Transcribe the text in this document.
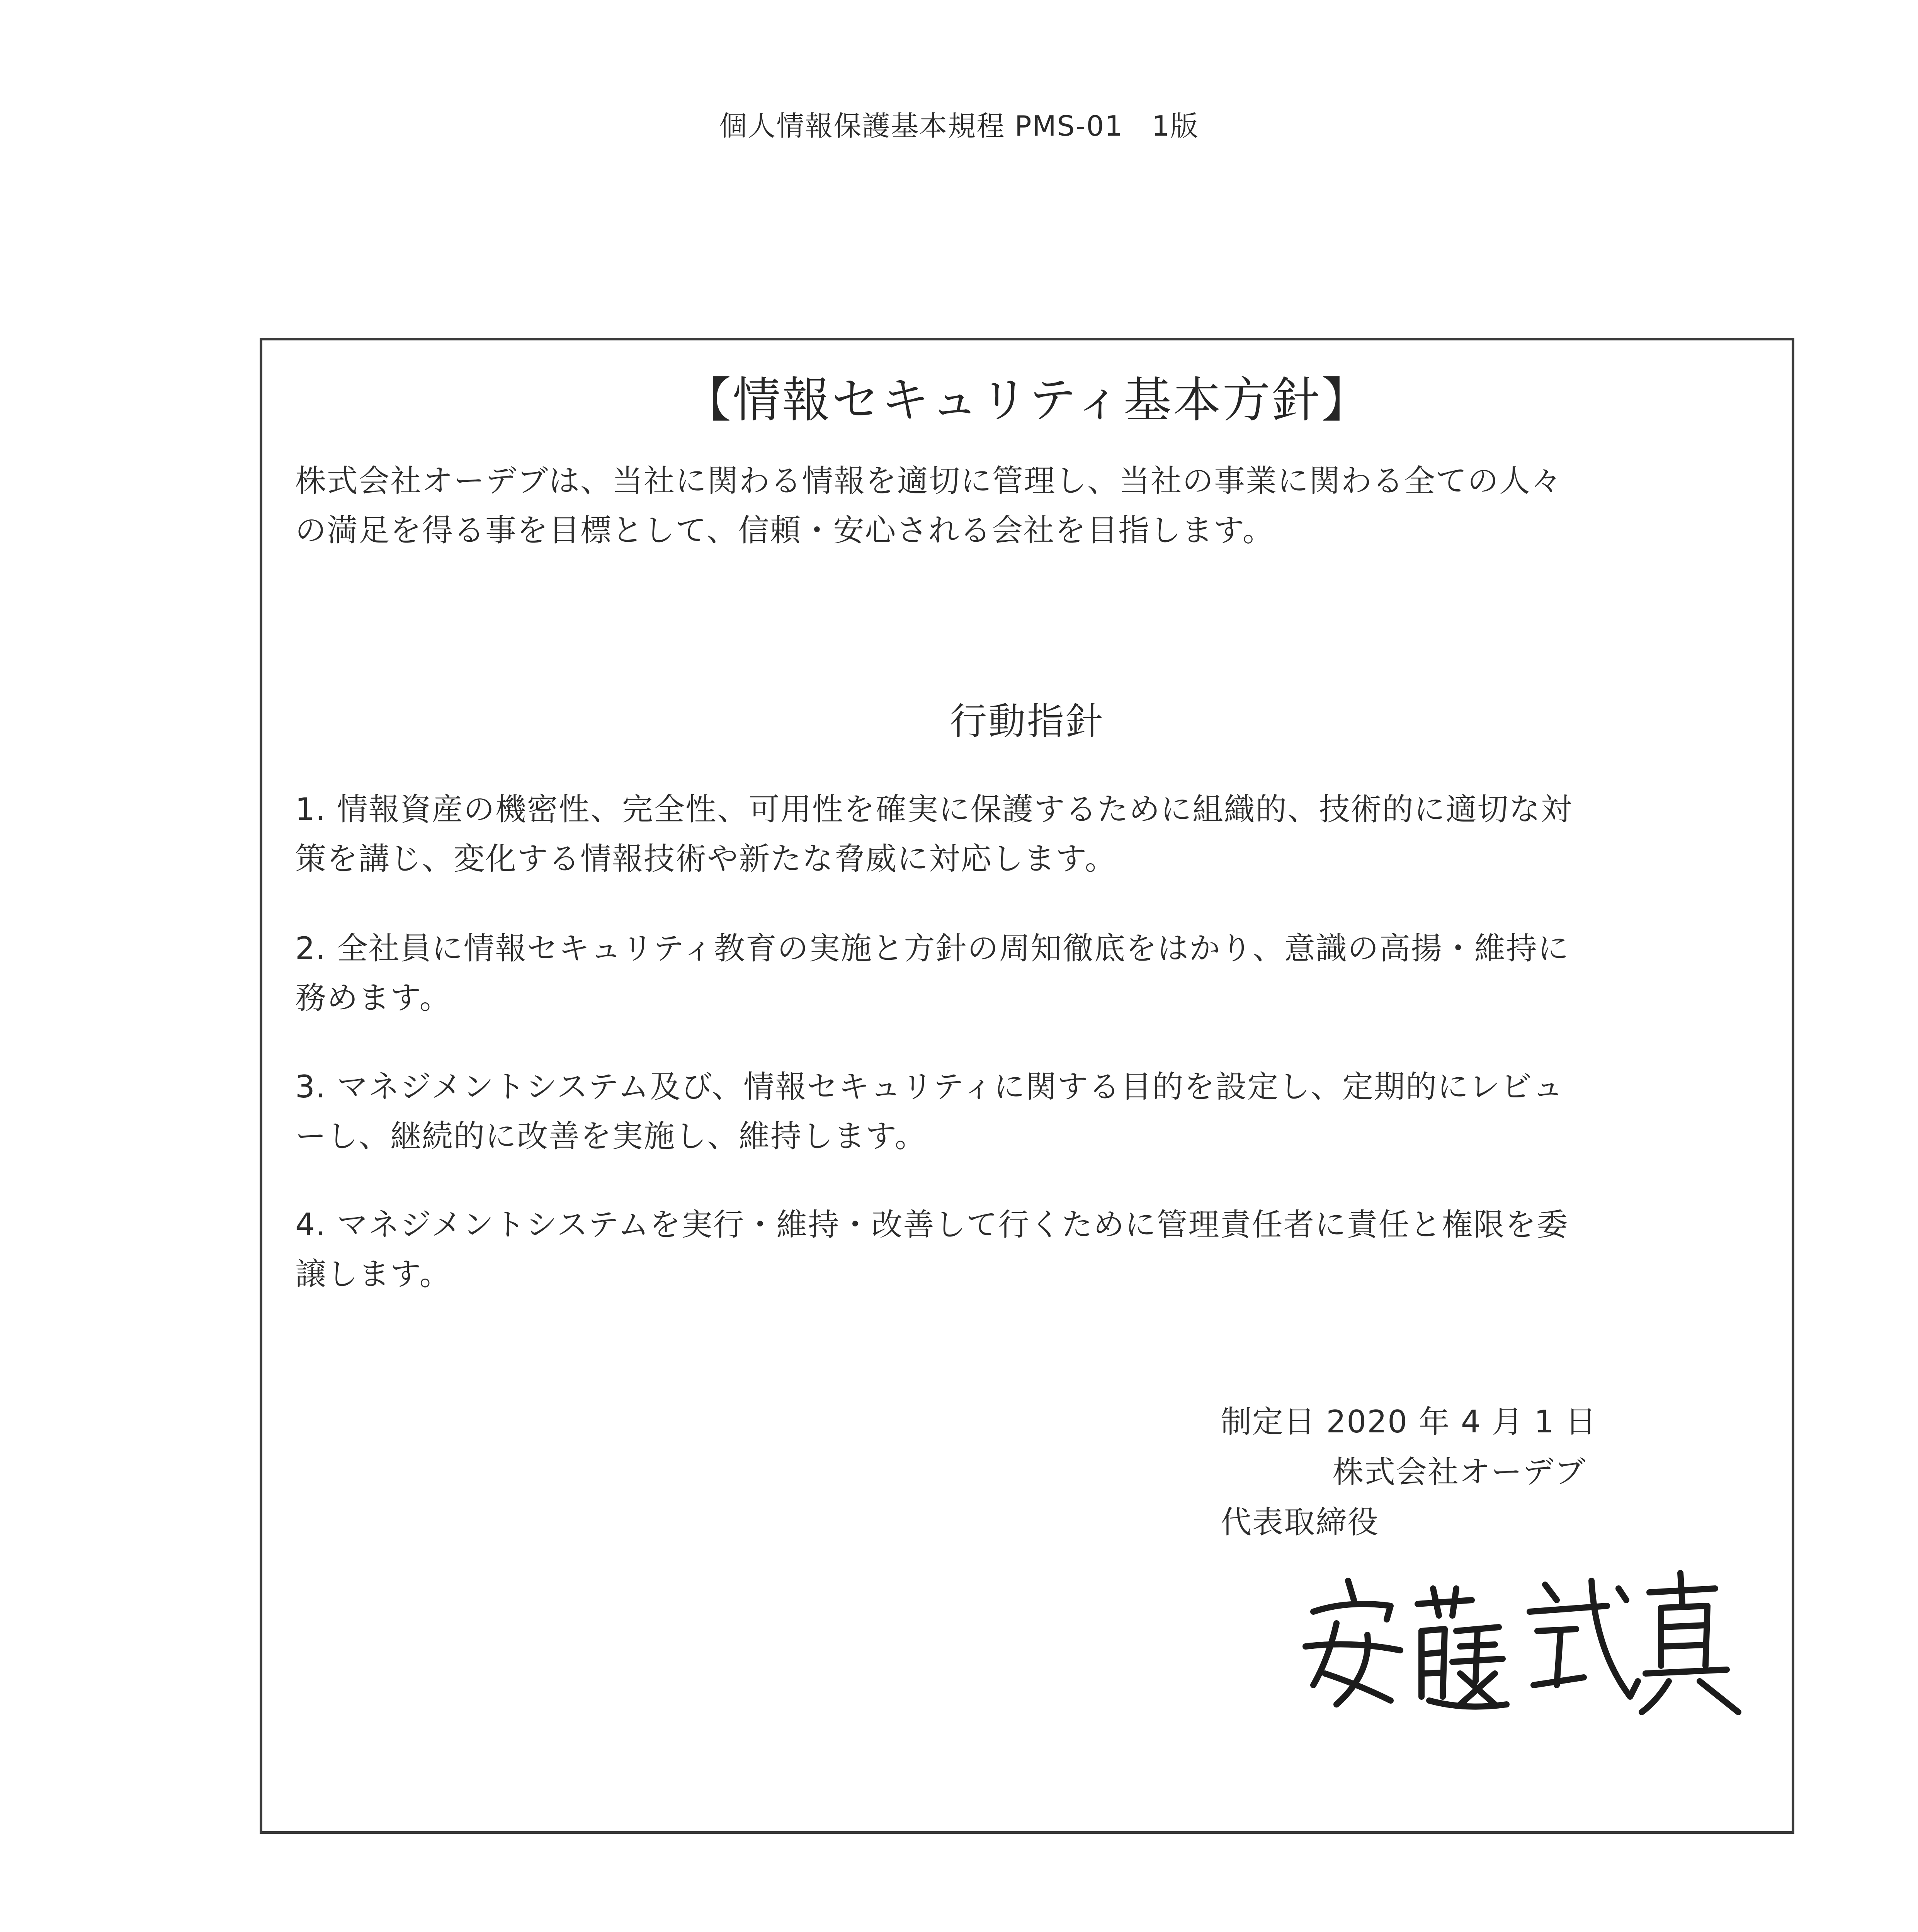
個人情報保護基本規程 PMS-01　1版
【情報セキュリティ基本方針】
株式会社オーデブは、当社に関わる情報を適切に管理し、当社の事業に関わる全ての人々
の満足を得る事を目標として、信頼・安心される会社を目指します。
行動指針
1. 情報資産の機密性、完全性、可用性を確実に保護するために組織的、技術的に適切な対
策を講じ、変化する情報技術や新たな脅威に対応します。
2. 全社員に情報セキュリティ教育の実施と方針の周知徹底をはかり、意識の高揚・維持に
務めます。
3. マネジメントシステム及び、情報セキュリティに関する目的を設定し、定期的にレビュ
ーし、継続的に改善を実施し、維持します。
4. マネジメントシステムを実行・維持・改善して行くために管理責任者に責任と権限を委
譲します。
制定日 2020 年 4 月 1 日
株式会社オーデブ
代表取締役
